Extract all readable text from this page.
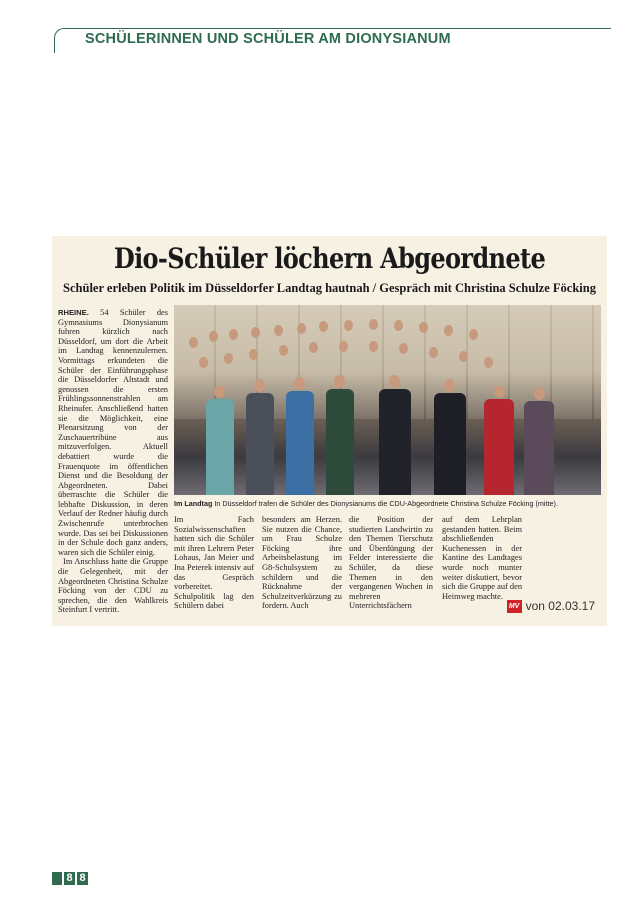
SCHÜLERINNEN UND SCHÜLER AM DIONYSIANUM
Dio-Schüler löchern Abgeordnete
Schüler erleben Politik im Düsseldorfer Landtag hautnah / Gespräch mit Christina Schulze Föcking
RHEINE. 54 Schüler des Gymnasiums Dionysianum fuhren kürzlich nach Düsseldorf, um dort die Arbeit im Landtag kennenzulernen. Vormittags erkundeten die Schüler der Einführungsphase die Düsseldorfer Altstadt und genossen die ersten Frühlingssonnenstrahlen am Rheinufer. Anschließend hatten sie die Möglichkeit, eine Plenarsitzung von der Zuschauertribüne aus mitzuverfolgen. Aktuell debattiert wurde die Frauenquote im öffentlichen Dienst und die Besoldung der Abgeordneten. Dabei überraschte die Schüler die lebhafte Diskussion, in deren Verlauf der Redner häufig durch Zwischenrufe unterbrochen wurde. Das sei bei Diskussionen in der Schule doch ganz anders, waren sich die Schüler einig.
Im Anschluss hatte die Gruppe die Gelegenheit, mit der Abgeordneten Christina Schulze Föcking von der CDU zu sprechen, die den Wahlkreis Steinfurt I vertritt.
Im Landtag In Düsseldorf trafen die Schüler des Dionysianums die CDU-Abgeordnete Christina Schulze Föcking (mitte).
Im Fach Sozialwissenschaften hatten sich die Schüler mit ihren Lehrern Peter Lohaus, Jan Meier und Ina Peterek intensiv auf das Gespräch vorbereitet. Schulpolitik lag den Schülern dabei
besonders am Herzen. Sie nutzen die Chance, um Frau Schulze Föcking ihre Arbeitsbelastung im G8-Schulsystem zu schildern und die Rücknahme der Schulzeitverkürzung zu fordern. Auch
die Position der studierten Landwirtin zu den Themen Tierschutz und Überdüngung der Felder interessierte die Schüler, da diese Themen in den vergangenen Wochen in mehreren Unterrichtsfächern
auf dem Lehrplan gestanden hatten. Beim abschließenden Kuchenessen in der Kantine des Landtages wurde noch munter weiter diskutiert, bevor sich die Gruppe auf den Heimweg machte.
MV von 02.03.17
8 8
